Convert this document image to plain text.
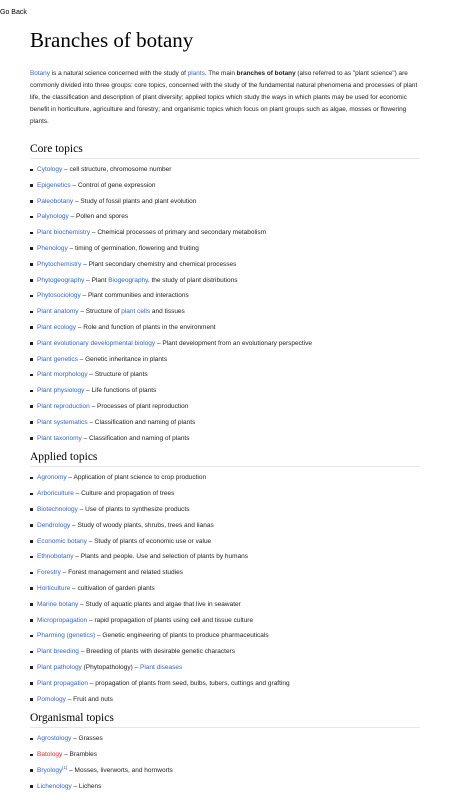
Go Back
Branches of botany

Botany is a natural science concerned with the study of plants. The main branches of botany (also referred to as "plant science") are commonly divided into three groups: core topics, concerned with the study of the fundamental natural phenomena and processes of plant life, the classification and description of plant diversity; applied topics which study the ways in which plants may be used for economic benefit in horticulture, agriculture and forestry; and organismic topics which focus on plant groups such as algae, mosses or flowering plants.

Core topics
Cytology – cell structure, chromosome number
Epigenetics – Control of gene expression
Paleobotany – Study of fossil plants and plant evolution
Palynology – Pollen and spores
Plant biochemistry – Chemical processes of primary and secondary metabolism
Phenology – timing of germination, flowering and fruiting
Phytochemistry – Plant secondary chemistry and chemical processes
Phytogeography – Plant Biogeography, the study of plant distributions
Phytosociology – Plant communities and interactions
Plant anatomy – Structure of plant cells and tissues
Plant ecology – Role and function of plants in the environment
Plant evolutionary developmental biology – Plant development from an evolutionary perspective
Plant genetics – Genetic inheritance in plants
Plant morphology – Structure of plants
Plant physiology – Life functions of plants
Plant reproduction – Processes of plant reproduction
Plant systematics – Classification and naming of plants
Plant taxonomy – Classification and naming of plants
Applied topics
Agronomy – Application of plant science to crop production
Arboriculture – Culture and propagation of trees
Biotechnology – Use of plants to synthesize products
Dendrology – Study of woody plants, shrubs, trees and lianas
Economic botany – Study of plants of economic use or value
Ethnobotany – Plants and people. Use and selection of plants by humans
Forestry – Forest management and related studies
Horticulture – cultivation of garden plants
Marine botany – Study of aquatic plants and algae that live in seawater
Micropropagation – rapid propagation of plants using cell and tissue culture
Pharming (genetics) – Genetic engineering of plants to produce pharmaceuticals
Plant breeding – Breeding of plants with desirable genetic characters
Plant pathology (Phytopathology) – Plant diseases
Plant propagation – propagation of plants from seed, bulbs, tubers, cuttings and grafting
Pomology – Fruit and nuts
Organismal topics
Agrostology – Grasses
Batology – Brambles
Bryology[1] – Mosses, liverworts, and hornworts
Lichenology – Lichens
